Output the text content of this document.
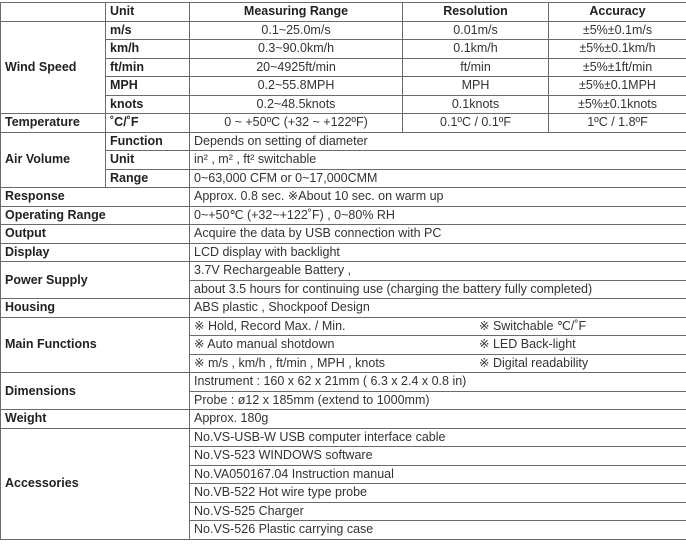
	Unit	Measuring Range	Resolution	Accuracy
Wind Speed	m/s	0.1~25.0m/s	0.01m/s	±5%±0.1m/s
	km/h	0.3~90.0km/h	0.1km/h	±5%±0.1km/h
	ft/min	20~4925ft/min	ft/min	±5%±1ft/min
	MPH	0.2~55.8MPH	MPH	±5%±0.1MPH
	knots	0.2~48.5knots	0.1knots	±5%±0.1knots
Temperature	˚C/˚F	0 ~ +50ºC (+32 ~ +122ºF)	0.1ºC / 0.1ºF	1ºC / 1.8ºF
Air Volume	Function	Depends on setting of diameter		
	Unit	in² , m² , ft² switchable		
	Range	0~63,000 CFM or 0~17,000CMM		
Response		Approx. 0.8 sec. ※About 10 sec. on warm up		
Operating Range		0~+50℃ (+32~+122˚F) , 0~80% RH		
Output		Acquire the data by USB connection with PC		
Display		LCD display with backlight		
Power Supply		3.7V Rechargeable Battery ,		
		about 3.5 hours for continuing use (charging the battery fully completed)		
Housing		ABS plastic , Shockpoof Design		
Main Functions		※ Hold, Record Max. / Min. ※ Switchable ℃/˚F		

		※ Auto manual shotdown ※ LED Back-light		

		※ m/s , km/h , ft/min , MPH , knots ※ Digital readability		

Dimensions		Instrument : 160 x 62 x 21mm ( 6.3 x 2.4 x 0.8 in)		
		Probe : ø12 x 185mm (extend to 1000mm)		
Weight		Approx. 180g		
Accessories		No.VS-USB-W USB computer interface cable		
		No.VS-523 WINDOWS software		
		No.VA050167.04 Instruction manual		
		No.VB-522 Hot wire type probe		
		No.VS-525 Charger		
		No.VS-526 Plastic carrying case		
